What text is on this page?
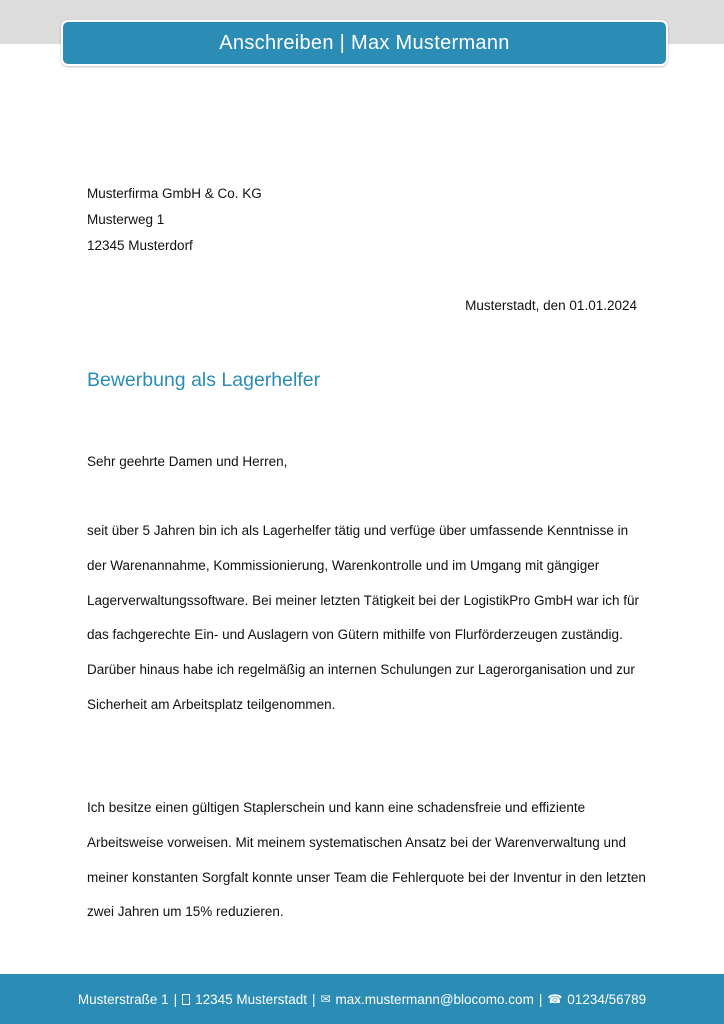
Anschreiben | Max Mustermann
Musterfirma GmbH & Co. KG
Musterweg 1
12345 Musterdorf
Musterstadt, den 01.01.2024
Bewerbung als Lagerhelfer
Sehr geehrte Damen und Herren,

seit über 5 Jahren bin ich als Lagerhelfer tätig und verfüge über umfassende Kenntnisse in der Warenannahme, Kommissionierung, Warenkontrolle und im Umgang mit gängiger Lagerverwaltungssoftware. Bei meiner letzten Tätigkeit bei der LogistikPro GmbH war ich für das fachgerechte Ein- und Auslagern von Gütern mithilfe von Flurförderzeugen zuständig. Darüber hinaus habe ich regelmäßig an internen Schulungen zur Lagerorganisation und zur Sicherheit am Arbeitsplatz teilgenommen.

Ich besitze einen gültigen Staplerschein und kann eine schadensfreie und effiziente Arbeitsweise vorweisen. Mit meinem systematischen Ansatz bei der Warenverwaltung und meiner konstanten Sorgfalt konnte unser Team die Fehlerquote bei der Inventur in den letzten zwei Jahren um 15% reduzieren.

Musterstraße 1 | 12345 Musterstadt | ✉ max.mustermann@blocomo.com | ☎ 01234/56789
